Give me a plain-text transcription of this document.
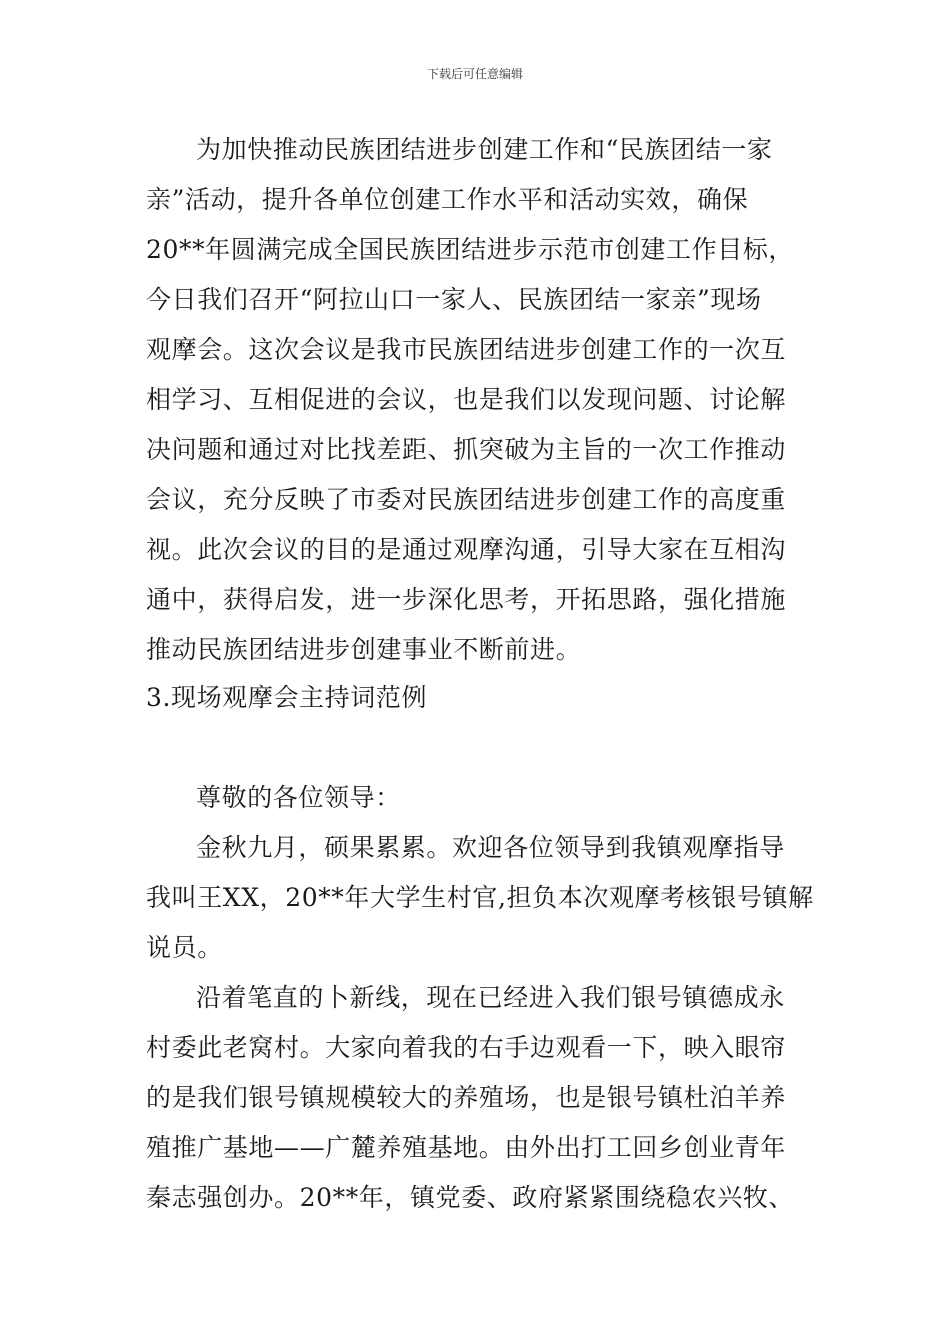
下载后可任意编辑
为加快推动民族团结进步创建工作和“民族团结一家
亲”活动，提升各单位创建工作水平和活动实效，确保
20**年圆满完成全国民族团结进步示范市创建工作目标，
今日我们召开“阿拉山口一家人、民族团结一家亲”现场
观摩会。这次会议是我市民族团结进步创建工作的一次互
相学习、互相促进的会议，也是我们以发现问题、讨论解
决问题和通过对比找差距、抓突破为主旨的一次工作推动
会议，充分反映了市委对民族团结进步创建工作的高度重
视。此次会议的目的是通过观摩沟通，引导大家在互相沟
通中，获得启发，进一步深化思考，开拓思路，强化措施
推动民族团结进步创建事业不断前进。
3.现场观摩会主持词范例
尊敬的各位领导：
金秋九月，硕果累累。欢迎各位领导到我镇观摩指导
我叫王XX，20**年大学生村官,担负本次观摩考核银号镇解
说员。
沿着笔直的卜新线，现在已经进入我们银号镇德成永
村委此老窝村。大家向着我的右手边观看一下，映入眼帘
的是我们银号镇规模较大的养殖场，也是银号镇杜泊羊养
殖推广基地——广麓养殖基地。由外出打工回乡创业青年
秦志强创办。20**年，镇党委、政府紧紧围绕稳农兴牧、
